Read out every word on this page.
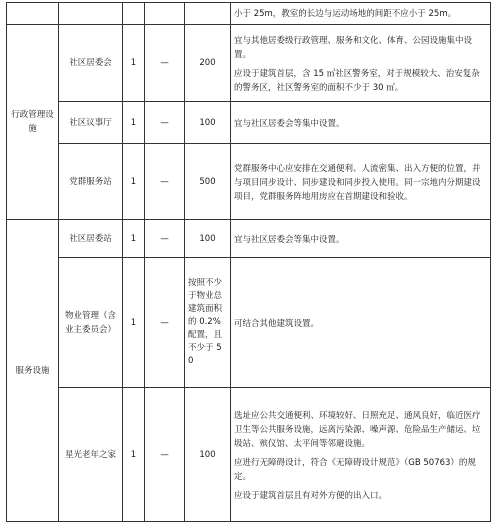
					小于 25m，教室的长边与运动场地的间距不应小于 25m。
行政管理设施	社区居委会	1	—	200	宜与其他居委级行政管理、服务和文化、体育、公园设施集中设置。

应设于建筑首层，含 15 ㎡社区警务室，对于规模较大、治安复杂的警务区，社区警务室的面积不少于 30 ㎡。

	社区议事厅	1	—	100	宜与社区居委会等集中设置。

	党群服务站	1	—	500	党群服务中心应安排在交通便利、人流密集、出入方便的位置，并与项目同步设计、同步建设和同步投入使用。同一宗地内分期建设项目，党群服务阵地用房应在首期建设和验收。

服务设施	社区居委站	1	—	100	宜与社区居委会等集中设置。

	物业管理（含业主委员会）	1	—	按照不少于物业总建筑面积的 0.2% 配置，且不少于 50	可结合其他建筑设置。

	星光老年之家	1	—	100	选址应公共交通便利、环境较好、日照充足、通风良好，临近医疗卫生等公共服务设施，远离污染源、噪声源、危险品生产储运、垃圾站、殡仪馆、太平间等邻避设施。

应进行无障碍设计，符合《无障碍设计规范》（GB 50763）的规定。

应设于建筑首层且有对外方便的出入口。
